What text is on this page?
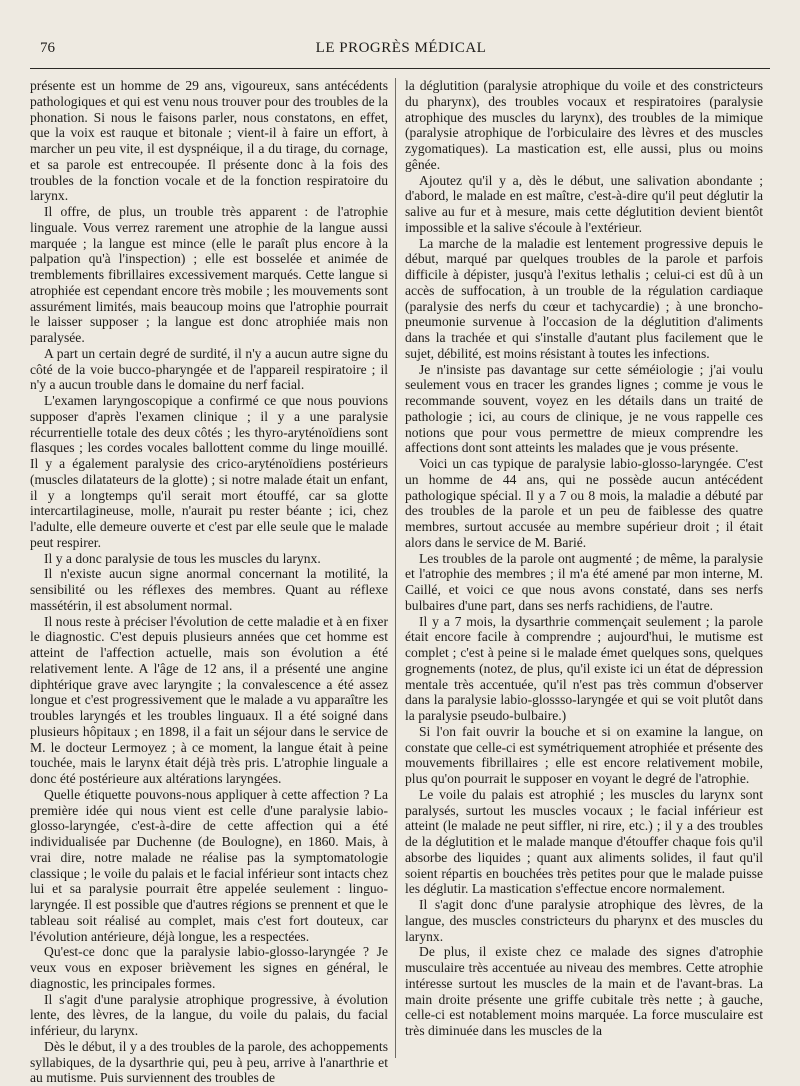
76	LE PROGRÈS MÉDICAL

présente est un homme de 29 ans, vigoureux, sans antécédents pathologiques et qui est venu nous trouver pour des troubles de la phonation. Si nous le faisons parler, nous constatons, en effet, que la voix est rauque et bitonale ; vient-il à faire un effort, à marcher un peu vite, il est dyspnéique, il a du tirage, du cornage, et sa parole est entrecoupée. Il présente donc à la fois des troubles de la fonction vocale et de la fonction respiratoire du larynx.

Il offre, de plus, un trouble très apparent : de l'atrophie linguale. Vous verrez rarement une atrophie de la langue aussi marquée ; la langue est mince (elle le paraît plus encore à la palpation qu'à l'inspection) ; elle est bosselée et animée de tremblements fibrillaires excessivement marqués. Cette langue si atrophiée est cependant encore très mobile ; les mouvements sont assurément limités, mais beaucoup moins que l'atrophie pourrait le laisser supposer ; la langue est donc atrophiée mais non paralysée.

A part un certain degré de surdité, il n'y a aucun autre signe du côté de la voie bucco-pharyngée et de l'appareil respiratoire ; il n'y a aucun trouble dans le domaine du nerf facial.

L'examen laryngoscopique a confirmé ce que nous pouvions supposer d'après l'examen clinique ; il y a une paralysie récurrentielle totale des deux côtés ; les thyro-aryténoïdiens sont flasques ; les cordes vocales ballottent comme du linge mouillé. Il y a également paralysie des crico-aryténoïdiens postérieurs (muscles dilatateurs de la glotte) ; si notre malade était un enfant, il y a longtemps qu'il serait mort étouffé, car sa glotte intercartilagineuse, molle, n'aurait pu rester béante ; ici, chez l'adulte, elle demeure ouverte et c'est par elle seule que le malade peut respirer.

Il y a donc paralysie de tous les muscles du larynx.

Il n'existe aucun signe anormal concernant la motilité, la sensibilité ou les réflexes des membres. Quant au réflexe massétérin, il est absolument normal.

Il nous reste à préciser l'évolution de cette maladie et à en fixer le diagnostic. C'est depuis plusieurs années que cet homme est atteint de l'affection actuelle, mais son évolution a été relativement lente. A l'âge de 12 ans, il a présenté une angine diphtérique grave avec laryngite ; la convalescence a été assez longue et c'est progressivement que le malade a vu apparaître les troubles laryngés et les troubles linguaux. Il a été soigné dans plusieurs hôpitaux ; en 1898, il a fait un séjour dans le service de M. le docteur Lermoyez ; à ce moment, la langue était à peine touchée, mais le larynx était déjà très pris. L'atrophie linguale a donc été postérieure aux altérations laryngées.

Quelle étiquette pouvons-nous appliquer à cette affection ? La première idée qui nous vient est celle d'une paralysie labio-glosso-laryngée, c'est-à-dire de cette affection qui a été individualisée par Duchenne (de Boulogne), en 1860. Mais, à vrai dire, notre malade ne réalise pas la symptomatologie classique ; le voile du palais et le facial inférieur sont intacts chez lui et sa paralysie pourrait être appelée seulement : linguo-laryngée. Il est possible que d'autres régions se prennent et que le tableau soit réalisé au complet, mais c'est fort douteux, car l'évolution antérieure, déjà longue, les a respectées.

Qu'est-ce donc que la paralysie labio-glosso-laryngée ? Je veux vous en exposer brièvement les signes en général, le diagnostic, les principales formes.

Il s'agit d'une paralysie atrophique progressive, à évolution lente, des lèvres, de la langue, du voile du palais, du facial inférieur, du larynx.

Dès le début, il y a des troubles de la parole, des achoppements syllabiques, de la dysarthrie qui, peu à peu, arrive à l'anarthrie et au mutisme. Puis surviennent des troubles de

la déglutition (paralysie atrophique du voile et des constricteurs du pharynx), des troubles vocaux et respiratoires (paralysie atrophique des muscles du larynx), des troubles de la mimique (paralysie atrophique de l'orbiculaire des lèvres et des muscles zygomatiques). La mastication est, elle aussi, plus ou moins gênée.

Ajoutez qu'il y a, dès le début, une salivation abondante ; d'abord, le malade en est maître, c'est-à-dire qu'il peut déglutir la salive au fur et à mesure, mais cette déglutition devient bientôt impossible et la salive s'écoule à l'extérieur.

La marche de la maladie est lentement progressive depuis le début, marqué par quelques troubles de la parole et parfois difficile à dépister, jusqu'à l'exitus lethalis ; celui-ci est dû à un accès de suffocation, à un trouble de la régulation cardiaque (paralysie des nerfs du cœur et tachycardie) ; à une broncho-pneumonie survenue à l'occasion de la déglutition d'aliments dans la trachée et qui s'installe d'autant plus facilement que le sujet, débilité, est moins résistant à toutes les infections.

Je n'insiste pas davantage sur cette séméiologie ; j'ai voulu seulement vous en tracer les grandes lignes ; comme je vous le recommande souvent, voyez en les détails dans un traité de pathologie ; ici, au cours de clinique, je ne vous rappelle ces notions que pour vous permettre de mieux comprendre les affections dont sont atteints les malades que je vous présente.

Voici un cas typique de paralysie labio-glosso-laryngée. C'est un homme de 44 ans, qui ne possède aucun antécédent pathologique spécial. Il y a 7 ou 8 mois, la maladie a débuté par des troubles de la parole et un peu de faiblesse des quatre membres, surtout accusée au membre supérieur droit ; il était alors dans le service de M. Barié.

Les troubles de la parole ont augmenté ; de même, la paralysie et l'atrophie des membres ; il m'a été amené par mon interne, M. Caillé, et voici ce que nous avons constaté, dans ses nerfs bulbaires d'une part, dans ses nerfs rachidiens, de l'autre.

Il y a 7 mois, la dysarthrie commençait seulement ; la parole était encore facile à comprendre ; aujourd'hui, le mutisme est complet ; c'est à peine si le malade émet quelques sons, quelques grognements (notez, de plus, qu'il existe ici un état de dépression mentale très accentuée, qu'il n'est pas très commun d'observer dans la paralysie labio-glossso-laryngée et qui se voit plutôt dans la paralysie pseudo-bulbaire.)

Si l'on fait ouvrir la bouche et si on examine la langue, on constate que celle-ci est symétriquement atrophiée et présente des mouvements fibrillaires ; elle est encore relativement mobile, plus qu'on pourrait le supposer en voyant le degré de l'atrophie.

Le voile du palais est atrophié ; les muscles du larynx sont paralysés, surtout les muscles vocaux ; le facial inférieur est atteint (le malade ne peut siffler, ni rire, etc.) ; il y a des troubles de la déglutition et le malade manque d'étouffer chaque fois qu'il absorbe des liquides ; quant aux aliments solides, il faut qu'il soient répartis en bouchées très petites pour que le malade puisse les déglutir. La mastication s'effectue encore normalement.

Il s'agit donc d'une paralysie atrophique des lèvres, de la langue, des muscles constricteurs du pharynx et des muscles du larynx.

De plus, il existe chez ce malade des signes d'atrophie musculaire très accentuée au niveau des membres. Cette atrophie intéresse surtout les muscles de la main et de l'avant-bras. La main droite présente une griffe cubitale très nette ; à gauche, celle-ci est notablement moins marquée. La force musculaire est très diminuée dans les muscles de la
